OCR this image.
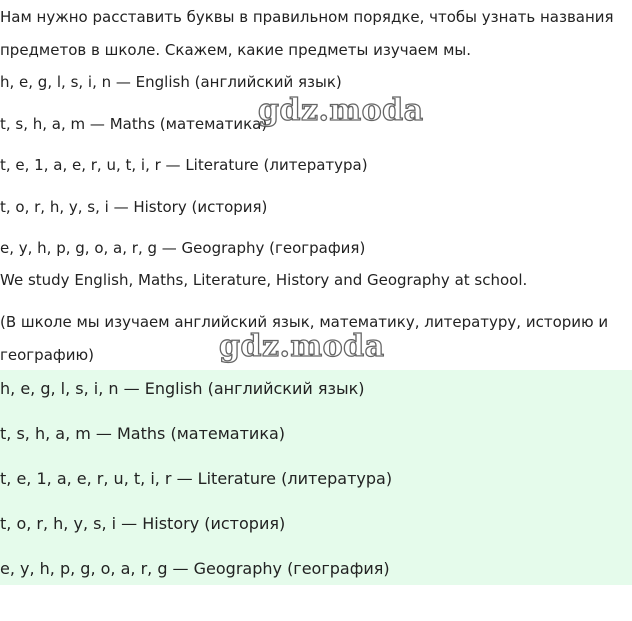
Нам нужно расставить буквы в правильном порядке, чтобы узнать названия
предметов в школе. Скажем, какие предметы изучаем мы.
h, e, g, l, s, i, n — English (английский язык)
t, s, h, a, m — Maths (математика)
t, e, 1, a, e, r, u, t, i, r — Literature (литература)
t, o, r, h, y, s, i — History (история)
e, y, h, p, g, o, a, r, g — Geography (география)
We study English, Maths, Literature, History and Geography at school.
(В школе мы изучаем английский язык, математику, литературу, историю и
географию)
h, e, g, l, s, i, n — English (английский язык)
t, s, h, a, m — Maths (математика)
t, e, 1, a, e, r, u, t, i, r — Literature (литература)
t, o, r, h, y, s, i — History (история)
e, y, h, p, g, o, a, r, g — Geography (география)
gdz.moda
gdz.moda
